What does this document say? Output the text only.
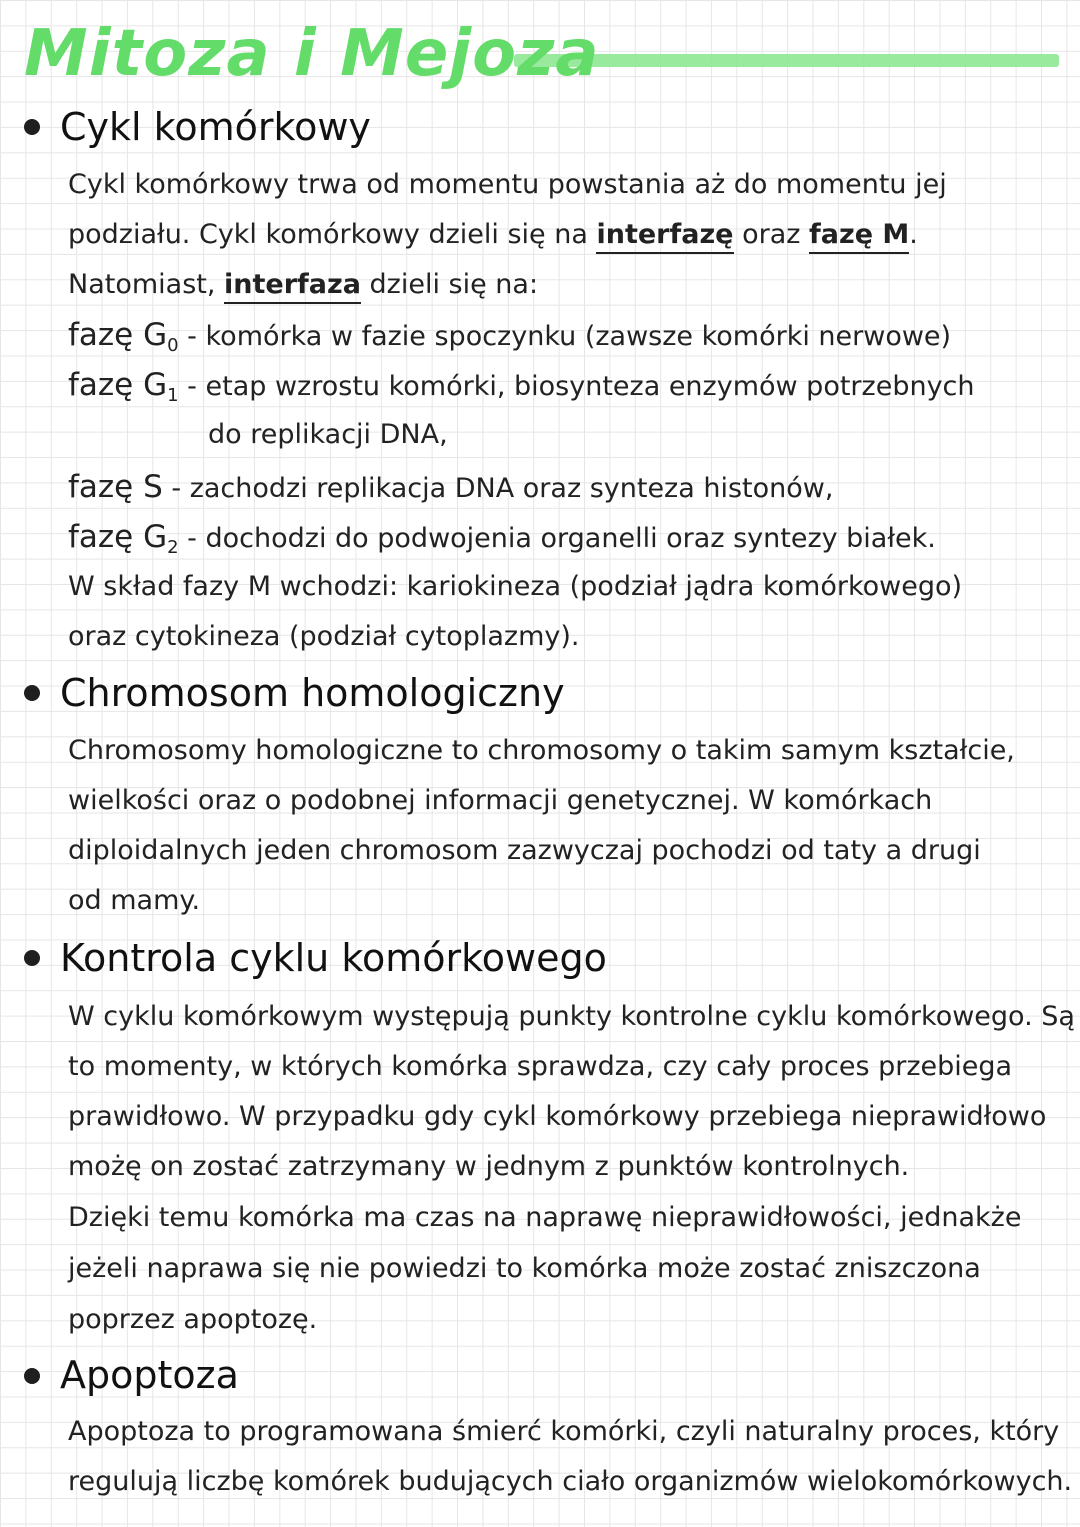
Mitoza i Mejoza
Cykl komórkowy
Cykl komórkowy trwa od momentu powstania aż do momentu jej
podziału. Cykl komórkowy dzieli się na interfazę oraz fazę M.
Natomiast, interfaza dzieli się na:
fazę $G_0$ - komórka w fazie spoczynku (zawsze komórki nerwowe)
fazę $G_1$ - etap wzrostu komórki, biosynteza enzymów potrzebnych
do replikacji DNA,
fazę S - zachodzi replikacja DNA oraz synteza histonów,
fazę $G_2$ - dochodzi do podwojenia organelli oraz syntezy białek.
W skład fazy M wchodzi: kariokineza (podział jądra komórkowego)
oraz cytokineza (podział cytoplazmy).
Chromosom homologiczny
Chromosomy homologiczne to chromosomy o takim samym kształcie,
wielkości oraz o podobnej informacji genetycznej. W komórkach
diploidalnych jeden chromosom zazwyczaj pochodzi od taty a drugi
od mamy.
Kontrola cyklu komórkowego
W cyklu komórkowym występują punkty kontrolne cyklu komórkowego. Są
to momenty, w których komórka sprawdza, czy cały proces przebiega
prawidłowo. W przypadku gdy cykl komórkowy przebiega nieprawidłowo
możę on zostać zatrzymany w jednym z punktów kontrolnych.
Dzięki temu komórka ma czas na naprawę nieprawidłowości, jednakże
jeżeli naprawa się nie powiedzi to komórka może zostać zniszczona
poprzez apoptozę.
Apoptoza
Apoptoza to programowana śmierć komórki, czyli naturalny proces, który
regulują liczbę komórek budujących ciało organizmów wielokomórkowych.
